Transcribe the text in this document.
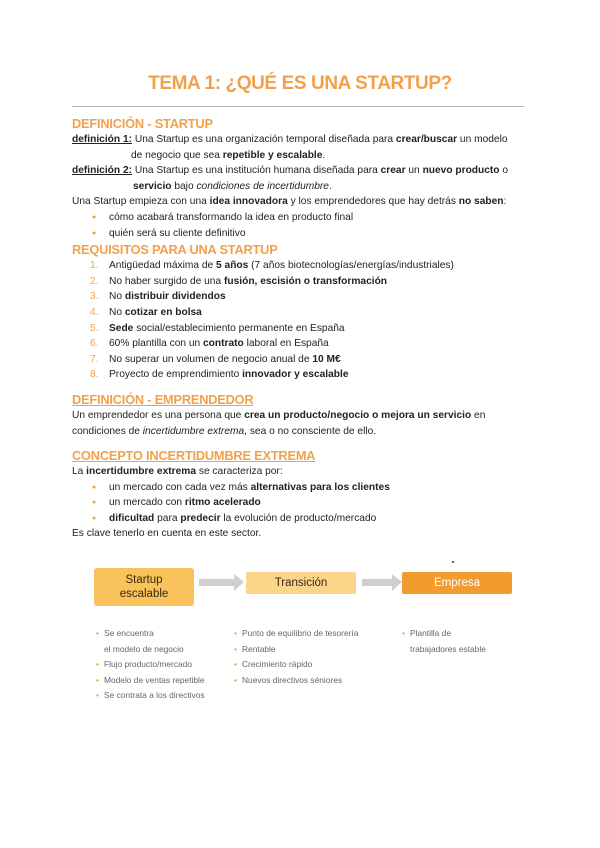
TEMA 1: ¿QUÉ ES UNA STARTUP?
DEFINICIÓN - STARTUP

definición 1: Una Startup es una organización temporal diseñada para crear/buscar un modelo

de negocio que sea repetible y escalable.

definición 2: Una Startup es una institución humana diseñada para crear un nuevo producto o

servicio bajo condiciones de incertidumbre.

Una Startup empieza con una idea innovadora y los emprendedores que hay detrás no saben:

● cómo acabará transformando la idea en producto final
● quién será su cliente definitivo
REQUISITOS PARA UNA STARTUP
1. Antigüedad máxima de 5 años (7 años biotecnologías/energías/industriales)
2. No haber surgido de una fusión, escisión o transformación
3. No distribuir dividendos
4. No cotizar en bolsa
5. Sede social/establecimiento permanente en España
6. 60% plantilla con un contrato laboral en España
7. No superar un volumen de negocio anual de 10 M€
8. Proyecto de emprendimiento innovador y escalable
DEFINICIÓN - EMPRENDEDOR

Un emprendedor es una persona que crea un producto/negocio o mejora un servicio en
condiciones de incertidumbre extrema, sea o no consciente de ello.

CONCEPTO INCERTIDUMBRE EXTREMA

La incertidumbre extrema se caracteriza por:

● un mercado con cada vez más alternativas para los clientes
● un mercado con ritmo acelerado
● dificultad para predecir la evolución de producto/mercado

Es clave tenerlo en cuenta en este sector.

Startup
escalable
Transición	Empresa
• Se encuentra
el modelo de negocio
• Flujo producto/mercado
• Modelo de ventas repetible
• Se contrata a los directivos
• Punto de equilibrio de tesorería
• Rentable
• Crecimiento rápido
• Nuevos directivos séniores
• Plantilla de
trabajadores estable
